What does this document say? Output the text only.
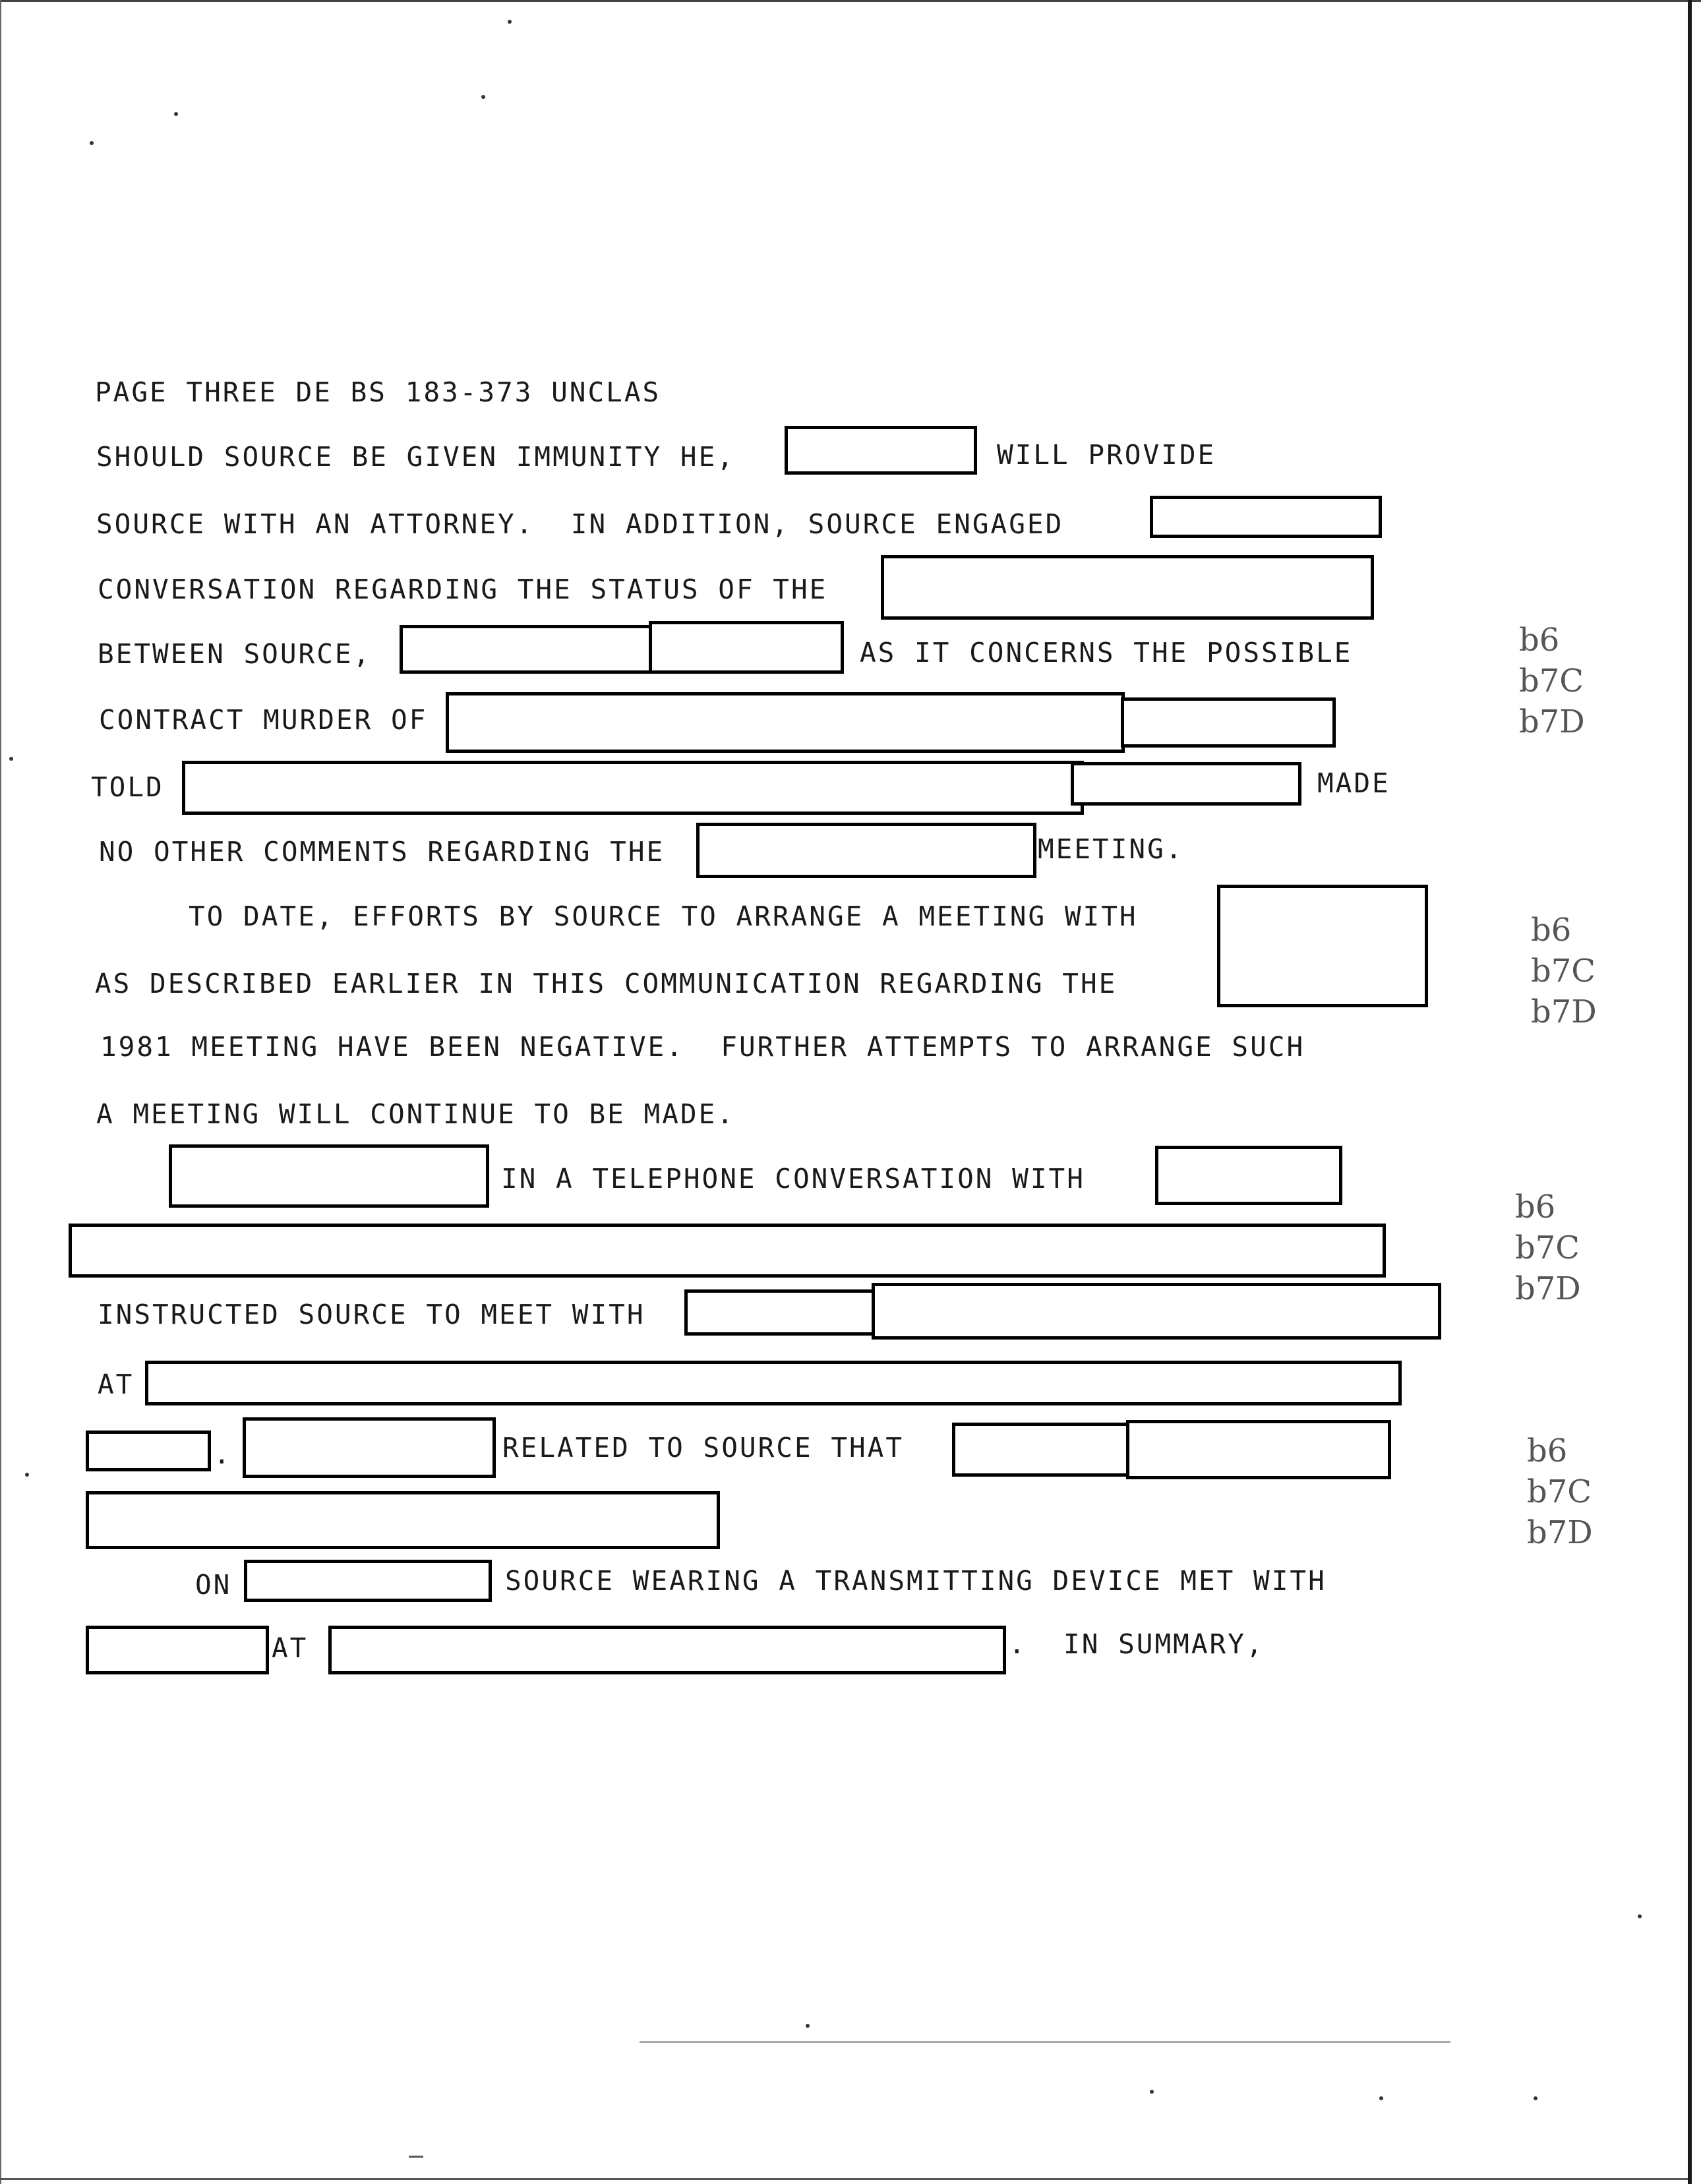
PAGE THREE DE BS 183-373 UNCLAS
SHOULD SOURCE BE GIVEN IMMUNITY HE,	WILL PROVIDE
SOURCE WITH AN ATTORNEY.  IN ADDITION, SOURCE ENGAGED
CONVERSATION REGARDING THE STATUS OF THE
BETWEEN SOURCE,	AS IT CONCERNS THE POSSIBLE
CONTRACT MURDER OF
TOLD	MADE
NO OTHER COMMENTS REGARDING THE	MEETING.
TO DATE, EFFORTS BY SOURCE TO ARRANGE A MEETING WITH
AS DESCRIBED EARLIER IN THIS COMMUNICATION REGARDING THE
1981 MEETING HAVE BEEN NEGATIVE.  FURTHER ATTEMPTS TO ARRANGE SUCH
A MEETING WILL CONTINUE TO BE MADE.
IN A TELEPHONE CONVERSATION WITH
INSTRUCTED SOURCE TO MEET WITH
AT
.	RELATED TO SOURCE THAT
ON	SOURCE WEARING A TRANSMITTING DEVICE MET WITH
AT	.  IN SUMMARY,
b6
b7C
b7D
b6
b7C
b7D
b6
b7C
b7D
b6
b7C
b7D
